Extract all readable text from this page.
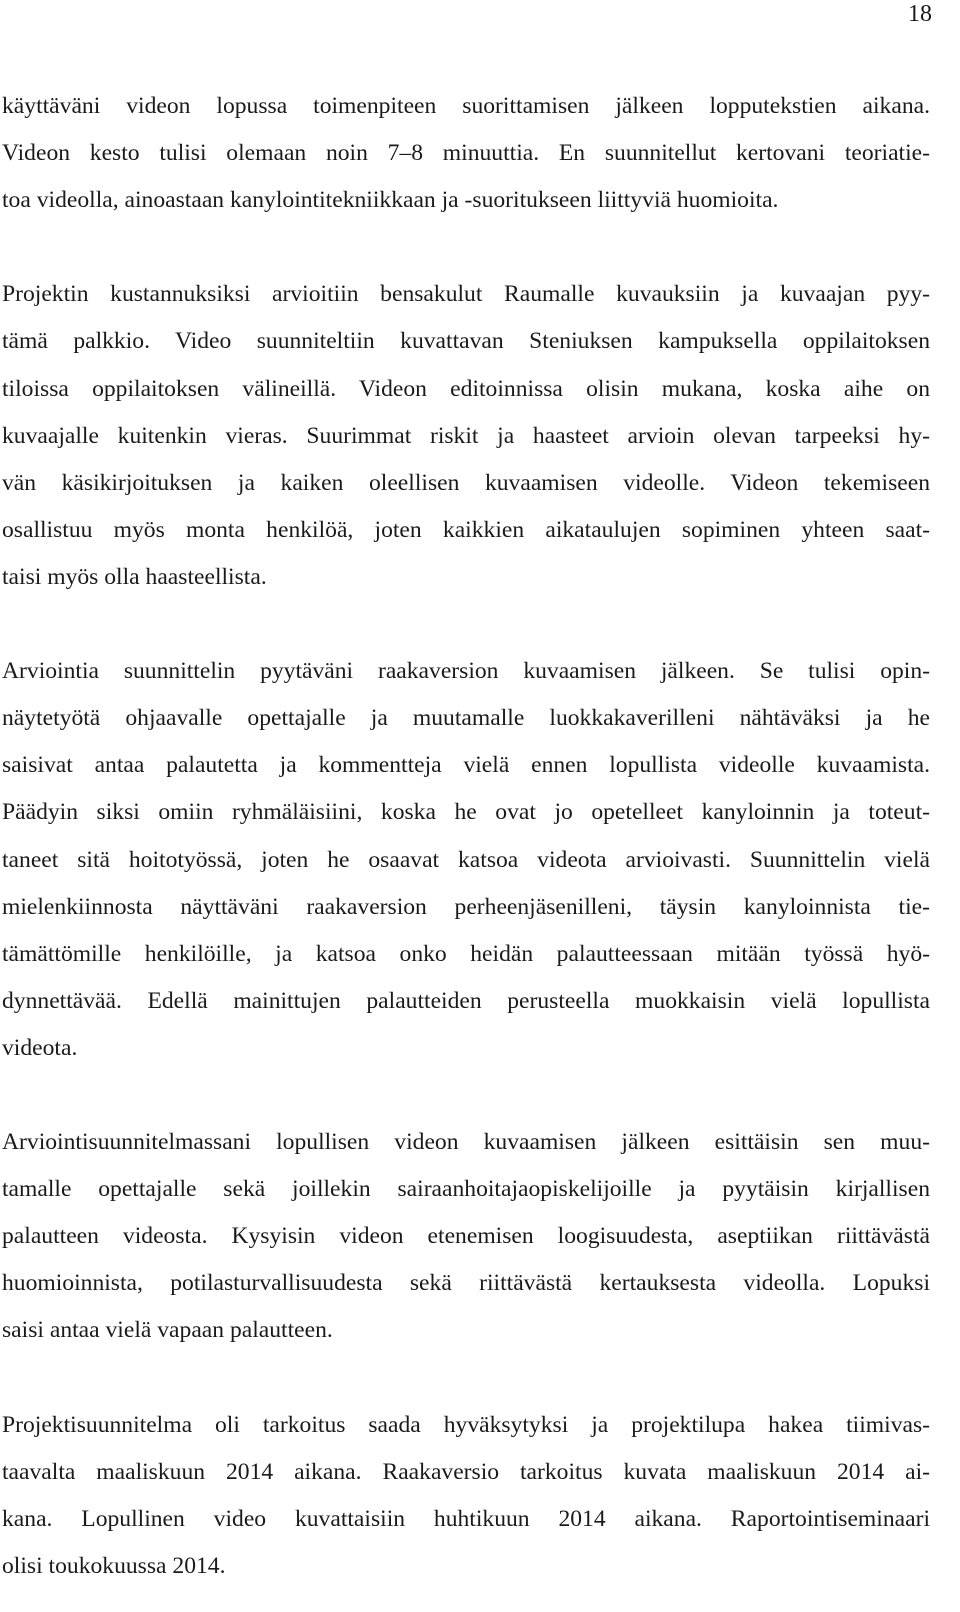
18

käyttäväni videon lopussa toimenpiteen suorittamisen jälkeen lopputekstien aikana.
Videon kesto tulisi olemaan noin 7–8 minuuttia. En suunnitellut kertovani teoriatie-
toa videolla, ainoastaan kanylointitekniikkaan ja -suoritukseen liittyviä huomioita.

Projektin kustannuksiksi arvioitiin bensakulut Raumalle kuvauksiin ja kuvaajan pyy-
tämä palkkio. Video suunniteltiin kuvattavan Steniuksen kampuksella oppilaitoksen
tiloissa oppilaitoksen välineillä. Videon editoinnissa olisin mukana, koska aihe on
kuvaajalle kuitenkin vieras. Suurimmat riskit ja haasteet arvioin olevan tarpeeksi hy-
vän käsikirjoituksen ja kaiken oleellisen kuvaamisen videolle. Videon tekemiseen
osallistuu myös monta henkilöä, joten kaikkien aikataulujen sopiminen yhteen saat-
taisi myös olla haasteellista.

Arviointia suunnittelin pyytäväni raakaversion kuvaamisen jälkeen. Se tulisi opin-
näytetyötä ohjaavalle opettajalle ja muutamalle luokkakaverilleni nähtäväksi ja he
saisivat antaa palautetta ja kommentteja vielä ennen lopullista videolle kuvaamista.
Päädyin siksi omiin ryhmäläisiini, koska he ovat jo opetelleet kanyloinnin ja toteut-
taneet sitä hoitotyössä, joten he osaavat katsoa videota arvioivasti. Suunnittelin vielä
mielenkiinnosta näyttäväni raakaversion perheenjäsenilleni, täysin kanyloinnista tie-
tämättömille henkilöille, ja katsoa onko heidän palautteessaan mitään työssä hyö-
dynnettävää. Edellä mainittujen palautteiden perusteella muokkaisin vielä lopullista
videota.

Arviointisuunnitelmassani lopullisen videon kuvaamisen jälkeen esittäisin sen muu-
tamalle opettajalle sekä joillekin sairaanhoitajaopiskelijoille ja pyytäisin kirjallisen
palautteen videosta. Kysyisin videon etenemisen loogisuudesta, aseptiikan riittävästä
huomioinnista, potilasturvallisuudesta sekä riittävästä kertauksesta videolla. Lopuksi
saisi antaa vielä vapaan palautteen.

Projektisuunnitelma oli tarkoitus saada hyväksytyksi ja projektilupa hakea tiimivas-
taavalta maaliskuun 2014 aikana. Raakaversio tarkoitus kuvata maaliskuun 2014 ai-
kana. Lopullinen video kuvattaisiin huhtikuun 2014 aikana. Raportointiseminaari
olisi toukokuussa 2014.
